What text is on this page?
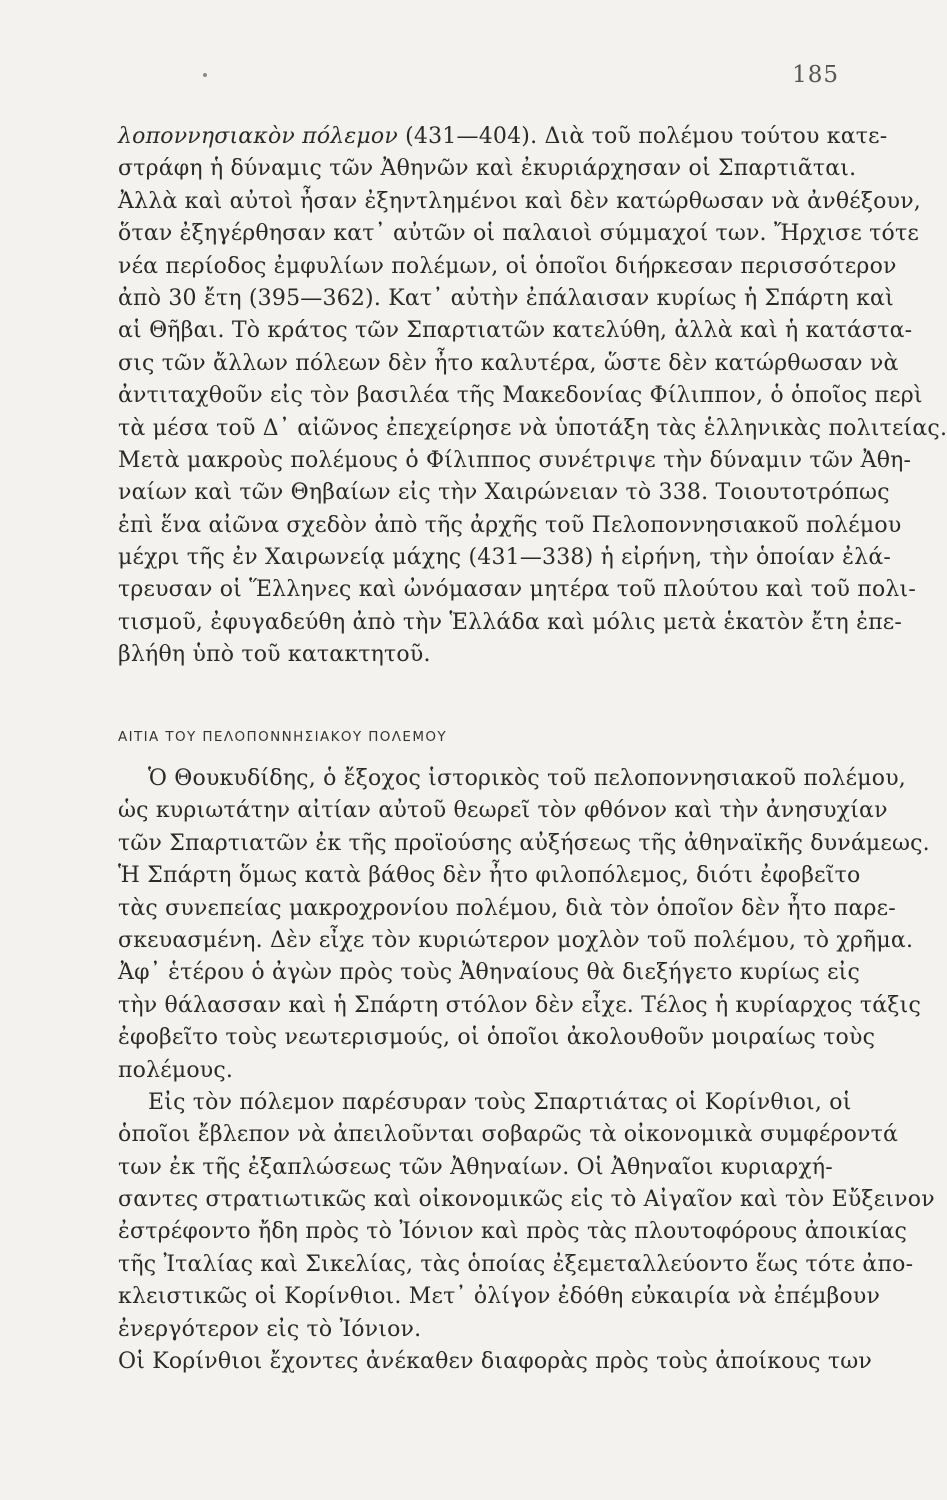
185
λοποννησιακὸν πόλεμον (431—404). Διὰ τοῦ πολέμου τούτου κατε-
στράφη ἡ δύναμις τῶν Ἀθηνῶν καὶ ἐκυριάρχησαν οἱ Σπαρτιᾶται.
Ἀλλὰ καὶ αὐτοὶ ἦσαν ἐξηντλημένοι καὶ δὲν κατώρθωσαν νὰ ἀνθέξουν,
ὅταν ἐξηγέρθησαν κατ᾽ αὐτῶν οἱ παλαιοὶ σύμμαχοί των. Ἤρχισε τότε
νέα περίοδος ἐμφυλίων πολέμων, οἱ ὁποῖοι διήρκεσαν περισσότερον
ἀπὸ 30 ἔτη (395—362). Κατ᾽ αὐτὴν ἐπάλαισαν κυρίως ἡ Σπάρτη καὶ
αἱ Θῆβαι. Τὸ κράτος τῶν Σπαρτιατῶν κατελύθη, ἀλλὰ καὶ ἡ κατάστα-
σις τῶν ἄλλων πόλεων δὲν ἦτο καλυτέρα, ὥστε δὲν κατώρθωσαν νὰ
ἀντιταχθοῦν εἰς τὸν βασιλέα τῆς Μακεδονίας Φίλιππον, ὁ ὁποῖος περὶ
τὰ μέσα τοῦ Δ᾽ αἰῶνος ἐπεχείρησε νὰ ὑποτάξη τὰς ἑλληνικὰς πολιτείας.
Μετὰ μακροὺς πολέμους ὁ Φίλιππος συνέτριψε τὴν δύναμιν τῶν Ἀθη-
ναίων καὶ τῶν Θηβαίων εἰς τὴν Χαιρώνειαν τὸ 338. Τοιουτοτρόπως
ἐπὶ ἕνα αἰῶνα σχεδὸν ἀπὸ τῆς ἀρχῆς τοῦ Πελοποννησιακοῦ πολέμου
μέχρι τῆς ἐν Χαιρωνείᾳ μάχης (431—338) ἡ εἰρήνη, τὴν ὁποίαν ἐλά-
τρευσαν οἱ Ἕλληνες καὶ ὠνόμασαν μητέρα τοῦ πλούτου καὶ τοῦ πολι-
τισμοῦ, ἐφυγαδεύθη ἀπὸ τὴν Ἑλλάδα καὶ μόλις μετὰ ἑκατὸν ἔτη ἐπε-
βλήθη ὑπὸ τοῦ κατακτητοῦ.
ΑΙΤΙΑ ΤΟΥ ΠΕΛΟΠΟΝΝΗΣΙΑΚΟΥ ΠΟΛΕΜΟΥ
Ὁ Θουκυδίδης, ὁ ἔξοχος ἱστορικὸς τοῦ πελοποννησιακοῦ πολέμου,
ὡς κυριωτάτην αἰτίαν αὐτοῦ θεωρεῖ τὸν φθόνον καὶ τὴν ἀνησυχίαν
τῶν Σπαρτιατῶν ἐκ τῆς προϊούσης αὐξήσεως τῆς ἀθηναϊκῆς δυνάμεως.
Ἡ Σπάρτη ὅμως κατὰ βάθος δὲν ἦτο φιλοπόλεμος, διότι ἐφοβεῖτο
τὰς συνεπείας μακροχρονίου πολέμου, διὰ τὸν ὁποῖον δὲν ἦτο παρε-
σκευασμένη. Δὲν εἶχε τὸν κυριώτερον μοχλὸν τοῦ πολέμου, τὸ χρῆμα.
Ἀφ᾽ ἑτέρου ὁ ἀγὼν πρὸς τοὺς Ἀθηναίους θὰ διεξήγετο κυρίως εἰς
τὴν θάλασσαν καὶ ἡ Σπάρτη στόλον δὲν εἶχε. Τέλος ἡ κυρίαρχος τάξις
ἐφοβεῖτο τοὺς νεωτερισμούς, οἱ ὁποῖοι ἀκολουθοῦν μοιραίως τοὺς
πολέμους.
Εἰς τὸν πόλεμον παρέσυραν τοὺς Σπαρτιάτας οἱ Κορίνθιοι, οἱ
ὁποῖοι ἔβλεπον νὰ ἀπειλοῦνται σοβαρῶς τὰ οἰκονομικὰ συμφέροντά
των ἐκ τῆς ἐξαπλώσεως τῶν Ἀθηναίων. Οἱ Ἀθηναῖοι κυριαρχή-
σαντες στρατιωτικῶς καὶ οἰκονομικῶς εἰς τὸ Αἰγαῖον καὶ τὸν Εὔξεινον
ἐστρέφοντο ἤδη πρὸς τὸ Ἰόνιον καὶ πρὸς τὰς πλουτοφόρους ἀποικίας
τῆς Ἰταλίας καὶ Σικελίας, τὰς ὁποίας ἐξεμεταλλεύοντο ἕως τότε ἀπο-
κλειστικῶς οἱ Κορίνθιοι. Μετ᾽ ὀλίγον ἐδόθη εὐκαιρία νὰ ἐπέμβουν
ἐνεργότερον εἰς τὸ Ἰόνιον.
Οἱ Κορίνθιοι ἔχοντες ἀνέκαθεν διαφορὰς πρὸς τοὺς ἀποίκους των
